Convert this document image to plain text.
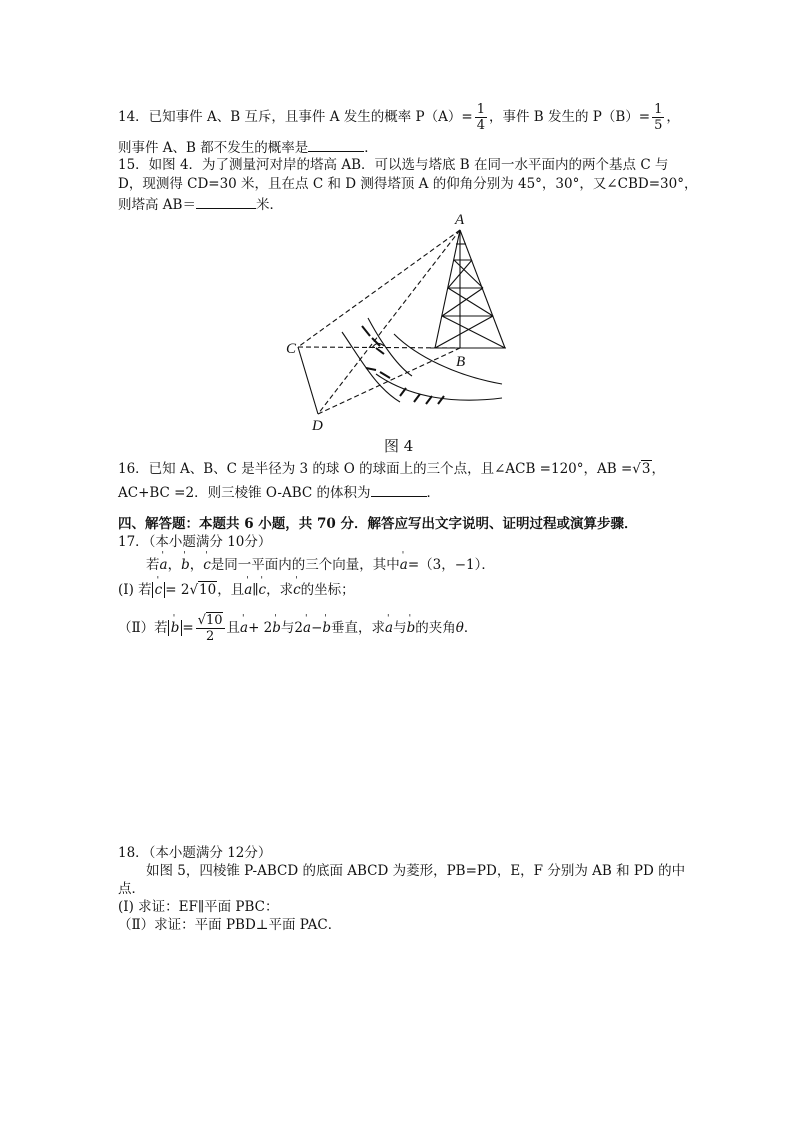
14．已知事件 A、B 互斥，且事件 A 发生的概率 $P(A)= \frac{1}{4}$ ，事件 B 发生的 $P(B)= \frac{1}{5}$ ，
则事件 A、B 都不发生的概率是	．
15．如图 4．为了测量河对岸的塔高 AB．可以选与塔底 B 在同一水平面内的两个基点 C 与
D，现测得 CD=30 米，且在点 C 和 D 测得塔顶 A 的仰角分别为 45°，30°，又∠CBD=30°，
则塔高 AB＝	米．
A
B
C
D
图 4
16．已知 A、B、C 是半径为 3 的球 O 的球面上的三个点，且∠ACB =120°，AB =√3，
AC+BC =2．则三棱锥 O-ABC 的体积为	．
四、解答题：本题共 6 小题，共 70 分．解答应写出文字说明、证明过程或演算步骤．
17．（本小题满分 10分）
若' a，' b，' c是同一平面内的三个向量，其中' a=（3，−1）．
(I) 若 ' c = 2√10，且' a∥' c，求' c的坐标；
（Ⅱ）若 ' $b = \frac{√10}{2}$ 且' a+ 2' b与2' a−' b垂直，求' a与' b的夹角θ．
18．（本小题满分 12分）
如图 5，四棱锥 P-ABCD 的底面 ABCD 为菱形，PB=PD，E，F 分别为 AB 和 PD 的中
点．
(I) 求证：EF∥平面 PBC：
（Ⅱ）求证：平面 PBD⊥平面 PAC．
